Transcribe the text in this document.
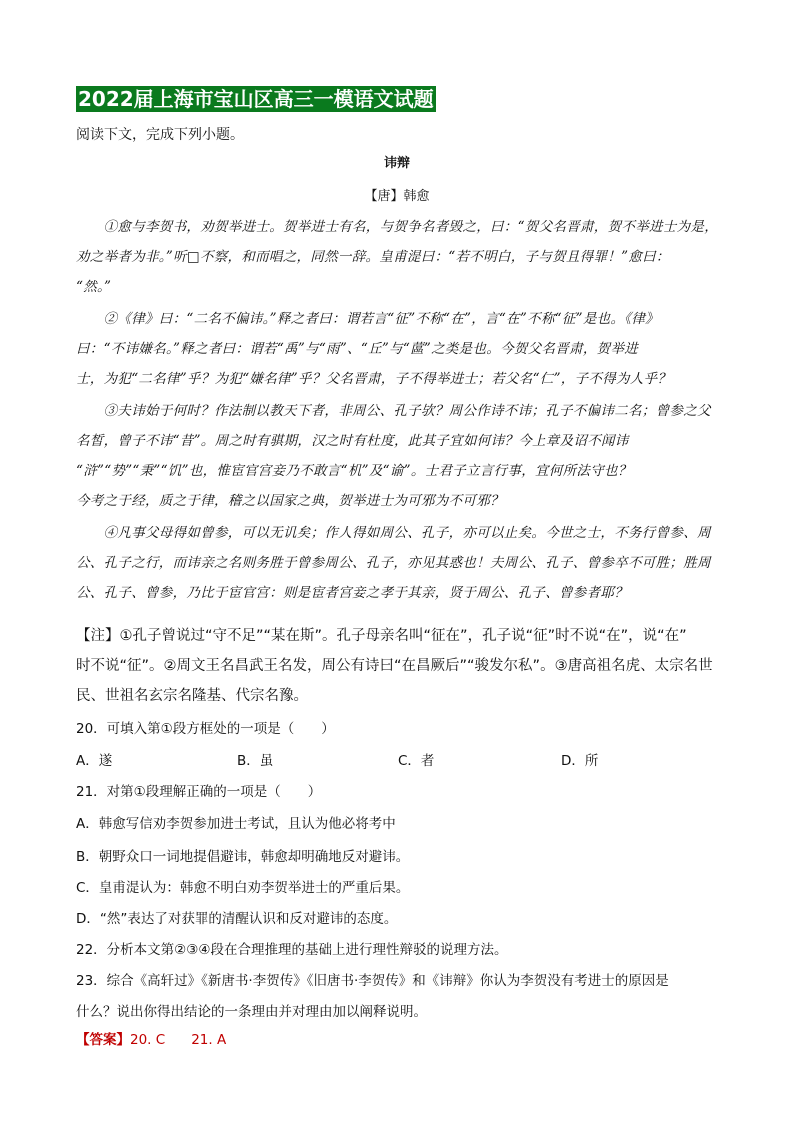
2022届上海市宝山区高三一模语文试题
阅读下文，完成下列小题。
讳辩
【唐】韩愈
　　①愈与李贺书，劝贺举进士。贺举进士有名，与贺争名者毁之，曰：“贺父名晋肃，贺不举进士为是，
劝之举者为非。”听□不察，和而唱之，同然一辞。皇甫湜曰：“若不明白，子与贺且得罪！”愈曰：
“然。”
　　②《律》曰：“二名不偏讳。”释之者曰：谓若言“征”不称“在”，言“在”不称“征”是也。《律》
曰：“不讳嫌名。”释之者曰：谓若“禹”与“雨”、“丘”与“蓲”之类是也。今贺父名晋肃，贺举进
士，为犯“二名律”乎？为犯“嫌名律”乎？父名晋肃，子不得举进士；若父名“仁”，子不得为人乎？
　　③夫讳始于何时？作法制以教天下者，非周公、孔子欤？周公作诗不讳；孔子不偏讳二名；曾参之父
名皙，曾子不讳“昔”。周之时有骐期，汉之时有杜度，此其子宜如何讳？今上章及诏不闻讳
“浒”“势”“秉”“饥”也，惟宦官宫妾乃不敢言“机”及“谕”。士君子立言行事，宜何所法守也？
今考之于经，质之于律，稽之以国家之典，贺举进士为可邪为不可邪？
　　④凡事父母得如曾参，可以无讥矣；作人得如周公、孔子，亦可以止矣。今世之士，不务行曾参、周
公、孔子之行，而讳亲之名则务胜于曾参周公、孔子，亦见其惑也！夫周公、孔子、曾参卒不可胜；胜周
公、孔子、曾参，乃比于宦官宫：则是宦者宫妾之孝于其亲，贤于周公、孔子、曾参者耶？
【注】①孔子曾说过“守不足”“某在斯”。孔子母亲名叫“征在”，孔子说“征”时不说“在”，说“在”
时不说“征”。②周文王名昌武王名发，周公有诗曰“在昌厥后”“骏发尔私”。③唐高祖名虎、太宗名世
民、世祖名玄宗名隆基、代宗名豫。
20．可填入第①段方框处的一项是（　　）
A．遂	B．虽	C．者	D．所
21．对第①段理解正确的一项是（　　）
A．韩愈写信劝李贺参加进士考试，且认为他必将考中
B．朝野众口一词地提倡避讳，韩愈却明确地反对避讳。
C．皇甫湜认为：韩愈不明白劝李贺举进士的严重后果。
D．“然”表达了对获罪的清醒认识和反对避讳的态度。
22．分析本文第②③④段在合理推理的基础上进行理性辩驳的说理方法。
23．综合《高轩过》《新唐书·李贺传》《旧唐书·李贺传》和《讳辩》你认为李贺没有考进士的原因是
什么？说出你得出结论的一条理由并对理由加以阐释说明。
【答案】20. C 21. A
